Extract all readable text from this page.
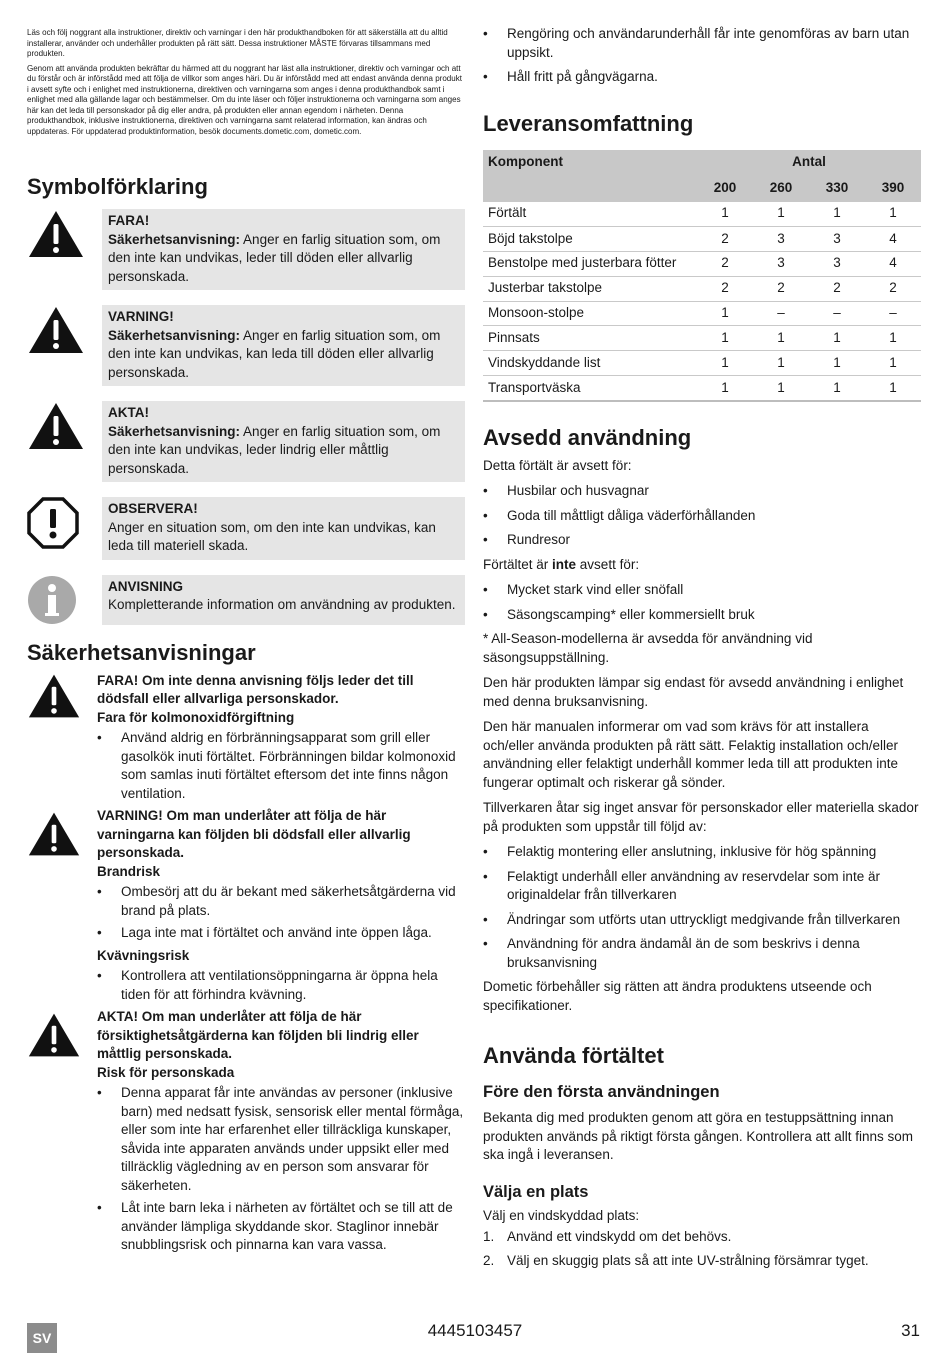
Läs och följ noggrant alla instruktioner, direktiv och varningar i den här produkthandboken för att säkerställa att du alltid installerar, använder och underhåller produkten på rätt sätt. Dessa instruktioner MÅSTE förvaras tillsammans med produkten.

Genom att använda produkten bekräftar du härmed att du noggrant har läst alla instruktioner, direktiv och varningar och att du förstår och är införstådd med att följa de villkor som anges häri. Du är införstådd med att endast använda denna produkt i avsett syfte och i enlighet med instruktionerna, direktiven och varningarna som anges i denna produkthandbok samt i enlighet med alla gällande lagar och bestämmelser. Om du inte läser och följer instruktionerna och varningarna som anges här kan det leda till personskador på dig eller andra, på produkten eller annan egendom i närheten. Denna produkthandbok, inklusive instruktionerna, direktiven och varningarna samt relaterad information, kan ändras och uppdateras. För uppdaterad produktinformation, besök documents.dometic.com, dometic.com.

Symbolförklaring
FARA!
Säkerhetsanvisning: Anger en farlig situation som, om den inte kan undvikas, leder till döden eller allvarlig personskada.
VARNING!
Säkerhetsanvisning: Anger en farlig situation som, om den inte kan undvikas, kan leda till döden eller allvarlig personskada.
AKTA!
Säkerhetsanvisning: Anger en farlig situation som, om den inte kan undvikas, leder lindrig eller måttlig personskada.
OBSERVERA!
Anger en situation som, om den inte kan undvikas, kan leda till materiell skada.
ANVISNING
Kompletterande information om användning av produkten.
Säkerhetsanvisningar
FARA! Om inte denna anvisning följs leder det till dödsfall eller allvarliga personskador.
Fara för kolmonoxidförgiftning
• Använd aldrig en förbränningsapparat som grill eller gasolkök inuti förtältet. Förbränningen bildar kolmonoxid som samlas inuti förtältet eftersom det inte finns någon ventilation.
VARNING! Om man underlåter att följa de här varningarna kan följden bli dödsfall eller allvarlig personskada.
Brandrisk
• Ombesörj att du är bekant med säkerhetsåtgärderna vid brand på plats.
• Laga inte mat i förtältet och använd inte öppen låga.
Kvävningsrisk
• Kontrollera att ventilationsöppningarna är öppna hela tiden för att förhindra kvävning.
AKTA! Om man underlåter att följa de här försiktighetsåtgärderna kan följden bli lindrig eller måttlig personskada.
Risk för personskada
• Denna apparat får inte användas av personer (inklusive barn) med nedsatt fysisk, sensorisk eller mental förmåga, eller som inte har erfarenhet eller tillräckliga kunskaper, såvida inte apparaten används under uppsikt eller med tillräcklig vägledning av en person som ansvarar för säkerheten.
• Låt inte barn leka i närheten av förtältet och se till att de använder lämpliga skyddande skor. Staglinor innebär snubblingsrisk och pinnarna kan vara vassa.
• Rengöring och användarunderhåll får inte genomföras av barn utan uppsikt.
• Håll fritt på gångvägarna.
Leveransomfattning
Komponent	Antal			
	200	260	330	390
Förtält	1	1	1	1
Böjd takstolpe	2	3	3	4
Benstolpe med justerbara fötter	2	3	3	4
Justerbar takstolpe	2	2	2	2
Monsoon-stolpe	1	–	–	–
Pinnsats	1	1	1	1
Vindskyddande list	1	1	1	1
Transportväska	1	1	1	1
Avsedd användning

Detta förtält är avsett för:

• Husbilar och husvagnar
• Goda till måttligt dåliga väderförhållanden
• Rundresor

Förtältet är inte avsett för:

• Mycket stark vind eller snöfall
• Säsongscamping* eller kommersiellt bruk

* All-Season-modellerna är avsedda för användning vid säsongsuppställning.

Den här produkten lämpar sig endast för avsedd användning i enlighet med denna bruksanvisning.

Den här manualen informerar om vad som krävs för att installera och/eller använda produkten på rätt sätt. Felaktig installation och/eller användning eller felaktigt underhåll kommer leda till att produkten inte fungerar optimalt och riskerar gå sönder.

Tillverkaren åtar sig inget ansvar för personskador eller materiella skador på produkten som uppstår till följd av:

• Felaktig montering eller anslutning, inklusive för hög spänning
• Felaktigt underhåll eller användning av reservdelar som inte är originaldelar från tillverkaren
• Ändringar som utförts utan uttryckligt medgivande från tillverkaren
• Användning för andra ändamål än de som beskrivs i denna bruksanvisning

Dometic förbehåller sig rätten att ändra produktens utseende och specifikationer.

Använda förtältet
Före den första användningen

Bekanta dig med produkten genom att göra en testuppsättning innan produkten används på riktigt första gången. Kontrollera att allt finns som ska ingå i leveransen.

Välja en plats

Välj en vindskyddad plats:

1. Använd ett vindskydd om det behövs.
2. Välj en skuggig plats så att inte UV-strålning försämrar tyget.
SV	4445103457	31
